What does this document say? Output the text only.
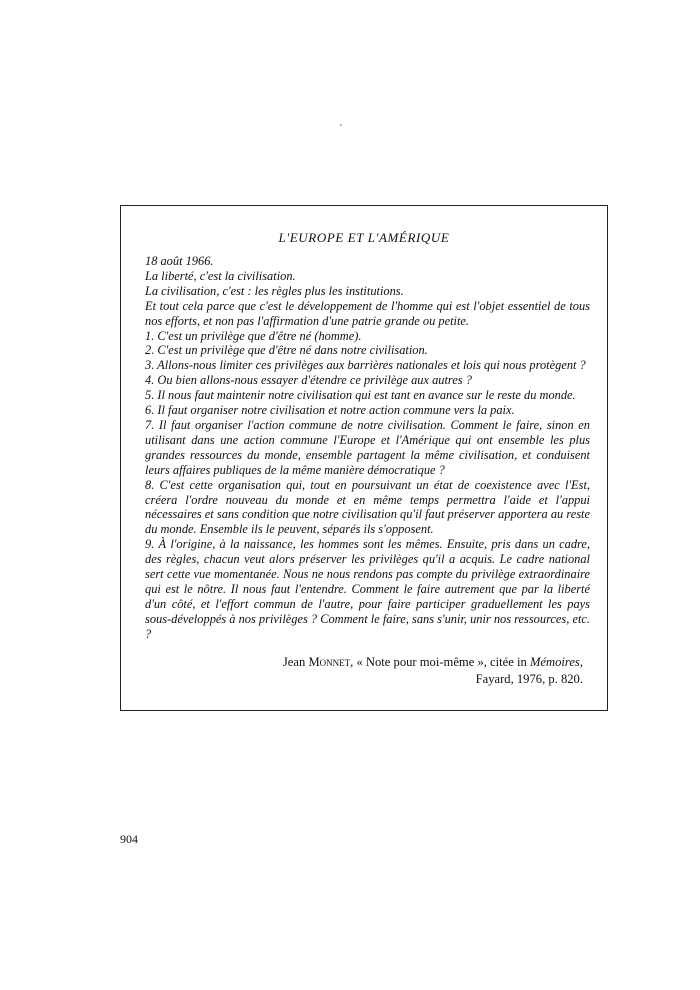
L'EUROPE ET L'AMÉRIQUE

18 août 1966.

La liberté, c'est la civilisation.

La civilisation, c'est : les règles plus les institutions.

Et tout cela parce que c'est le développement de l'homme qui est l'objet essentiel de tous nos efforts, et non pas l'affirmation d'une patrie grande ou petite.

1. C'est un privilège que d'être né (homme).

2. C'est un privilège que d'être né dans notre civilisation.

3. Allons-nous limiter ces privilèges aux barrières nationales et lois qui nous protègent ?

4. Ou bien allons-nous essayer d'étendre ce privilège aux autres ?

5. Il nous faut maintenir notre civilisation qui est tant en avance sur le reste du monde.

6. Il faut organiser notre civilisation et notre action commune vers la paix.

7. Il faut organiser l'action commune de notre civilisation. Comment le faire, sinon en utilisant dans une action commune l'Europe et l'Amérique qui ont ensemble les plus grandes ressources du monde, ensemble partagent la même civilisation, et conduisent leurs affaires publiques de la même manière démocratique ?

8. C'est cette organisation qui, tout en poursuivant un état de coexistence avec l'Est, créera l'ordre nouveau du monde et en même temps permettra l'aide et l'appui nécessaires et sans condition que notre civilisation qu'il faut préserver apportera au reste du monde. Ensemble ils le peuvent, séparés ils s'opposent.

9. À l'origine, à la naissance, les hommes sont les mêmes. Ensuite, pris dans un cadre, des règles, chacun veut alors préserver les privilèges qu'il a acquis. Le cadre national sert cette vue momentanée. Nous ne nous rendons pas compte du privilège extraordinaire qui est le nôtre. Il nous faut l'entendre. Comment le faire autrement que par la liberté d'un côté, et l'effort commun de l'autre, pour faire participer graduellement les pays sous-développés à nos privilèges ? Comment le faire, sans s'unir, unir nos ressources, etc. ?

Jean Monnet, « Note pour moi-même », citée in Mémoires,
Fayard, 1976, p. 820.
904
